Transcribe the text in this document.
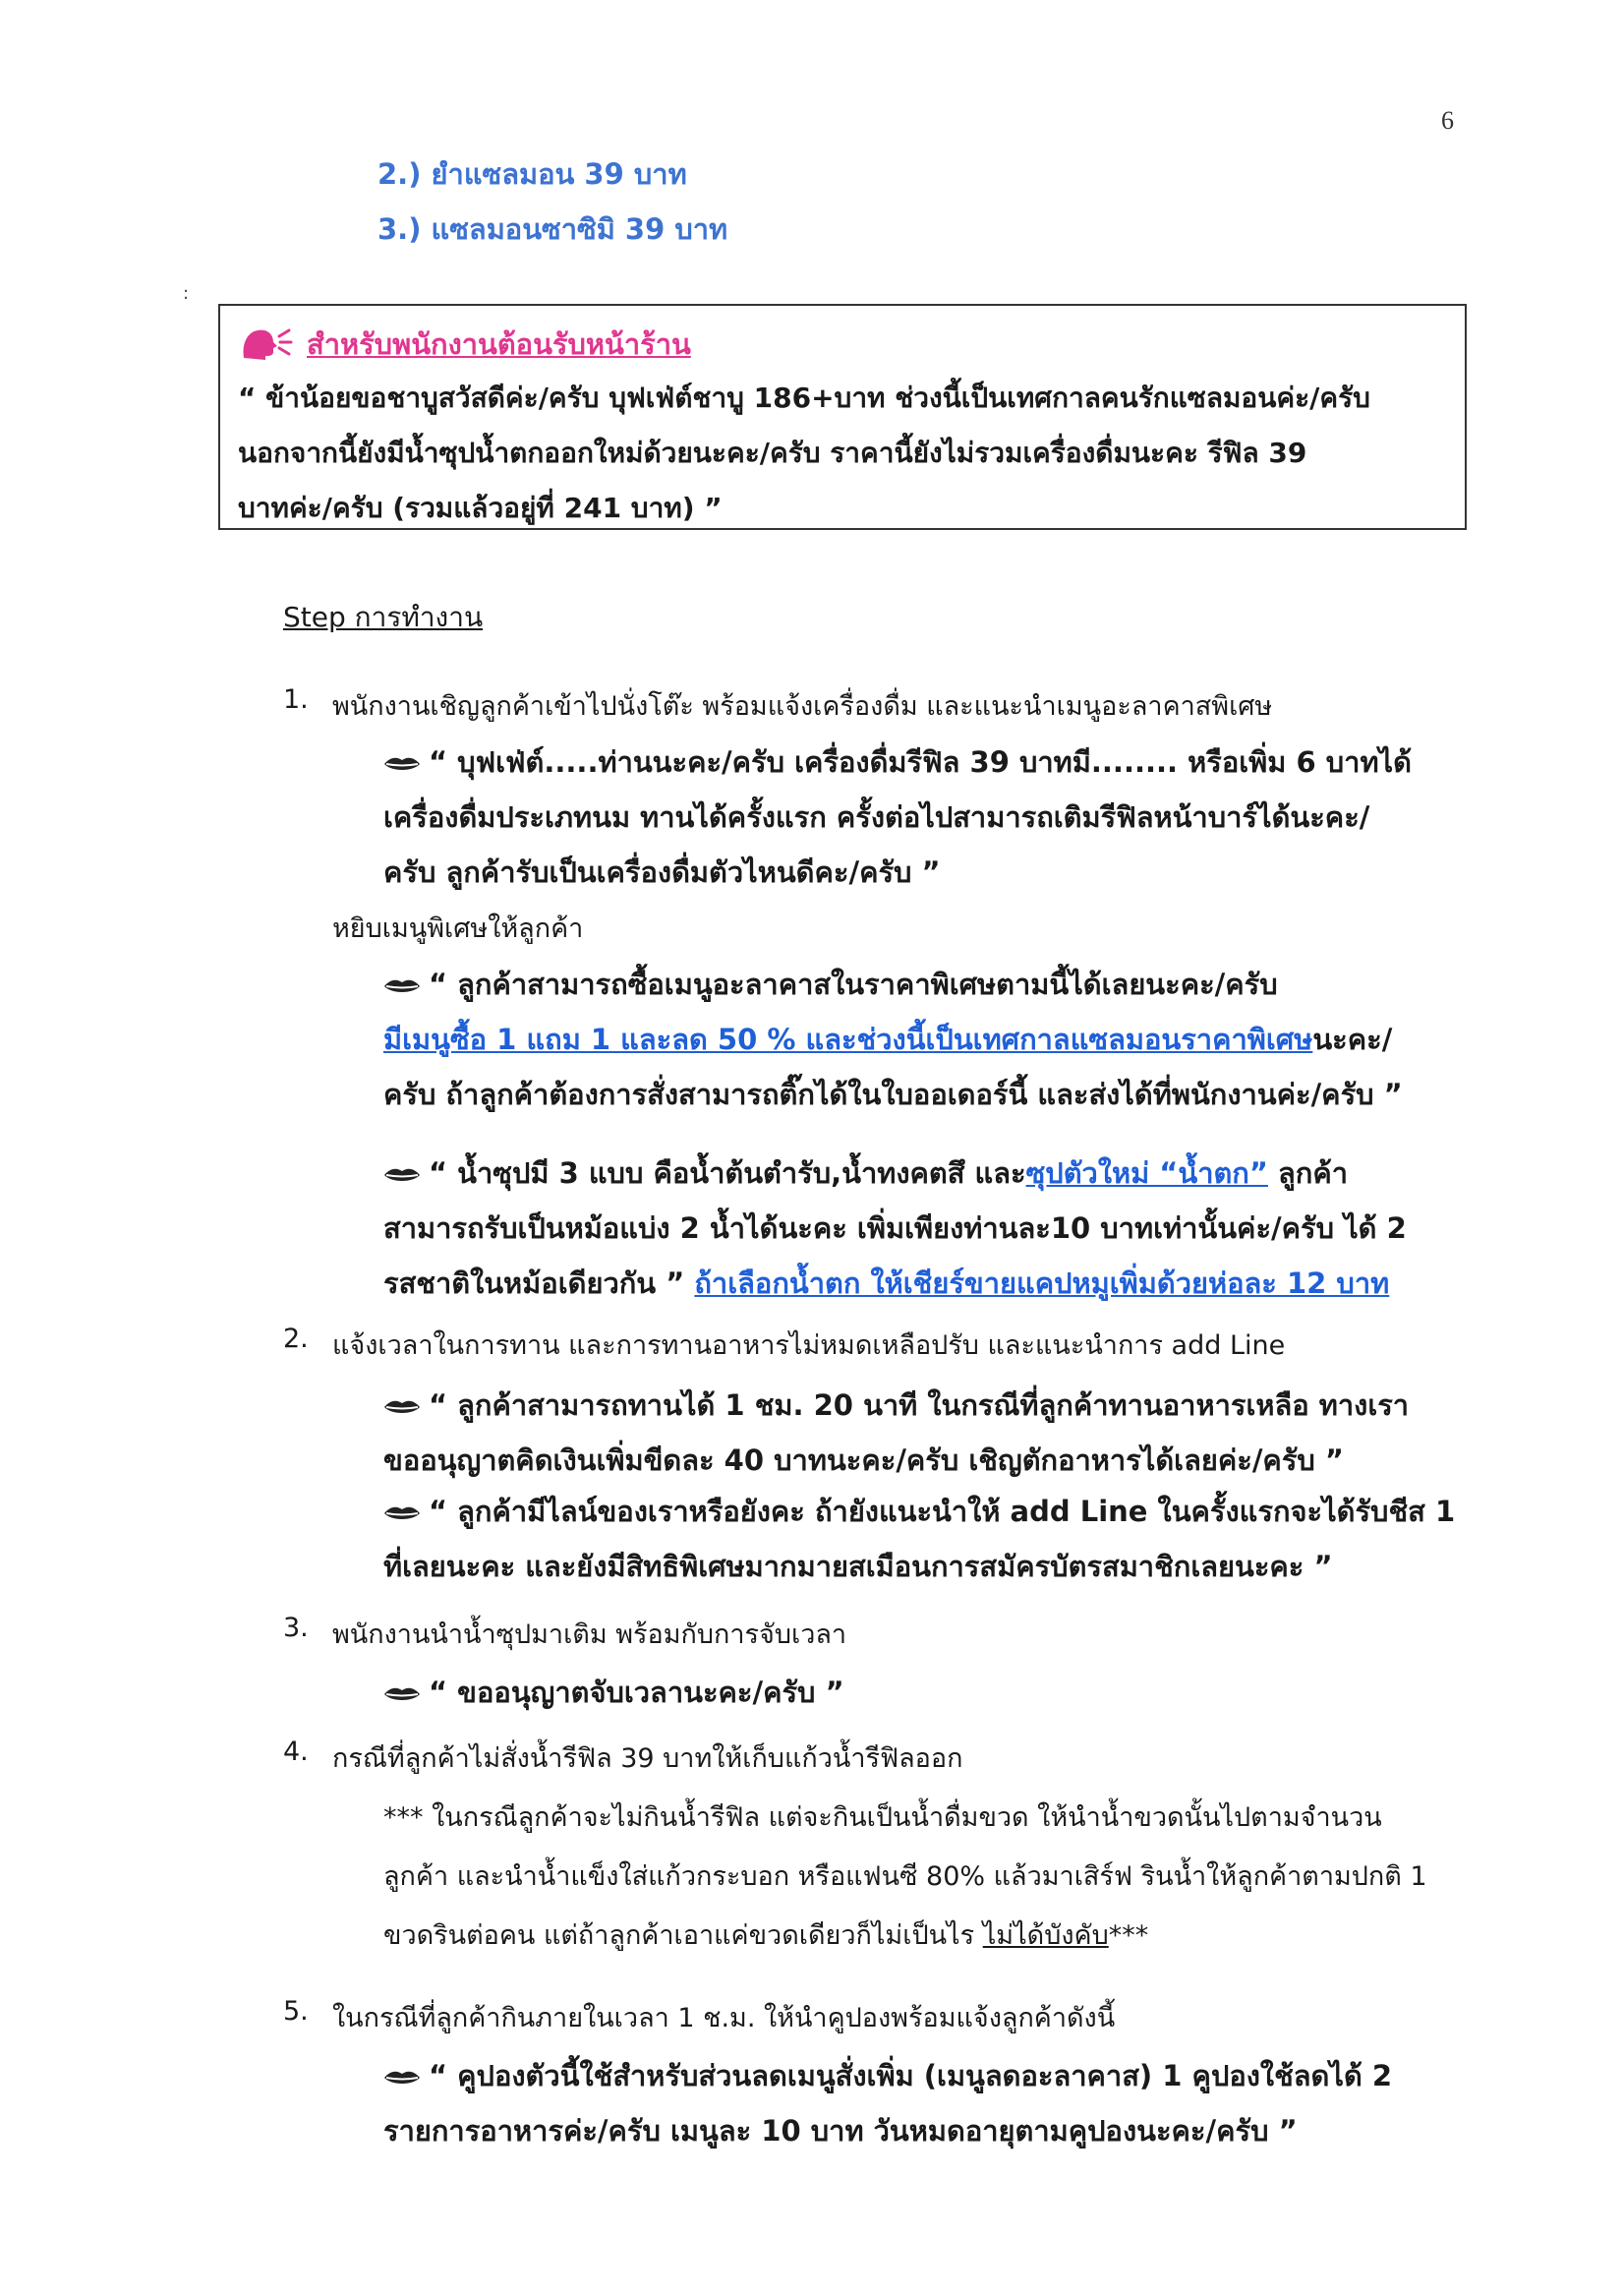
6
2.) ยำแซลมอน 39 บาท
3.) แซลมอนซาซิมิ 39 บาท
:
สำหรับพนักงานต้อนรับหน้าร้าน
“ ข้าน้อยขอชาบูสวัสดีค่ะ/ครับ บุฟเฟ่ต์ชาบู 186+บาท ช่วงนี้เป็นเทศกาลคนรักแซลมอนค่ะ/ครับ
นอกจากนี้ยังมีน้ำซุปน้ำตกออกใหม่ด้วยนะคะ/ครับ ราคานี้ยังไม่รวมเครื่องดื่มนะคะ รีฟิล 39
บาทค่ะ/ครับ (รวมแล้วอยู่ที่ 241 บาท) ”
Step การทำงาน
1. พนักงานเชิญลูกค้าเข้าไปนั่งโต๊ะ พร้อมแจ้งเครื่องดื่ม และแนะนำเมนูอะลาคาสพิเศษ
“ บุฟเฟ่ต์.....ท่านนะคะ/ครับ เครื่องดื่มรีฟิล 39 บาทมี........ หรือเพิ่ม 6 บาทได้
เครื่องดื่มประเภทนม ทานได้ครั้งแรก ครั้งต่อไปสามารถเติมรีฟิลหน้าบาร์ได้นะคะ/
ครับ ลูกค้ารับเป็นเครื่องดื่มตัวไหนดีคะ/ครับ ”
หยิบเมนูพิเศษให้ลูกค้า
“ ลูกค้าสามารถซื้อเมนูอะลาคาสในราคาพิเศษตามนี้ได้เลยนะคะ/ครับ
มีเมนูซื้อ 1 แถม 1 และลด 50 % และช่วงนี้เป็นเทศกาลแซลมอนราคาพิเศษนะคะ/
ครับ ถ้าลูกค้าต้องการสั่งสามารถติ๊กได้ในใบออเดอร์นี้ และส่งได้ที่พนักงานค่ะ/ครับ ”
“ น้ำซุปมี 3 แบบ คือน้ำต้นตำรับ,น้ำทงคตสึ และซุปตัวใหม่ “น้ำตก” ลูกค้า
สามารถรับเป็นหม้อแบ่ง 2 น้ำได้นะคะ เพิ่มเพียงท่านละ10 บาทเท่านั้นค่ะ/ครับ ได้ 2
รสชาติในหม้อเดียวกัน ” ถ้าเลือกน้ำตก ให้เชียร์ขายแคปหมูเพิ่มด้วยห่อละ 12 บาท
2. แจ้งเวลาในการทาน และการทานอาหารไม่หมดเหลือปรับ และแนะนำการ add Line
“ ลูกค้าสามารถทานได้ 1 ชม. 20 นาที ในกรณีที่ลูกค้าทานอาหารเหลือ ทางเรา
ขออนุญาตคิดเงินเพิ่มขีดละ 40 บาทนะคะ/ครับ เชิญตักอาหารได้เลยค่ะ/ครับ ”
“ ลูกค้ามีไลน์ของเราหรือยังคะ ถ้ายังแนะนำให้ add Line ในครั้งแรกจะได้รับชีส 1
ที่เลยนะคะ และยังมีสิทธิพิเศษมากมายสเมือนการสมัครบัตรสมาชิกเลยนะคะ ”
3. พนักงานนำน้ำซุปมาเติม พร้อมกับการจับเวลา
“ ขออนุญาตจับเวลานะคะ/ครับ ”
4. กรณีที่ลูกค้าไม่สั่งน้ำรีฟิล 39 บาทให้เก็บแก้วน้ำรีฟิลออก
*** ในกรณีลูกค้าจะไม่กินน้ำรีฟิล แต่จะกินเป็นน้ำดื่มขวด ให้นำน้ำขวดนั้นไปตามจำนวน
ลูกค้า และนำน้ำแข็งใส่แก้วกระบอก หรือแฟนซี 80% แล้วมาเสิร์ฟ รินน้ำให้ลูกค้าตามปกติ 1
ขวดรินต่อคน แต่ถ้าลูกค้าเอาแค่ขวดเดียวก็ไม่เป็นไร ไม่ได้บังคับ***
5. ในกรณีที่ลูกค้ากินภายในเวลา 1 ช.ม. ให้นำคูปองพร้อมแจ้งลูกค้าดังนี้
“ คูปองตัวนี้ใช้สำหรับส่วนลดเมนูสั่งเพิ่ม (เมนูลดอะลาคาส) 1 คูปองใช้ลดได้ 2
รายการอาหารค่ะ/ครับ เมนูละ 10 บาท วันหมดอายุตามคูปองนะคะ/ครับ ”
